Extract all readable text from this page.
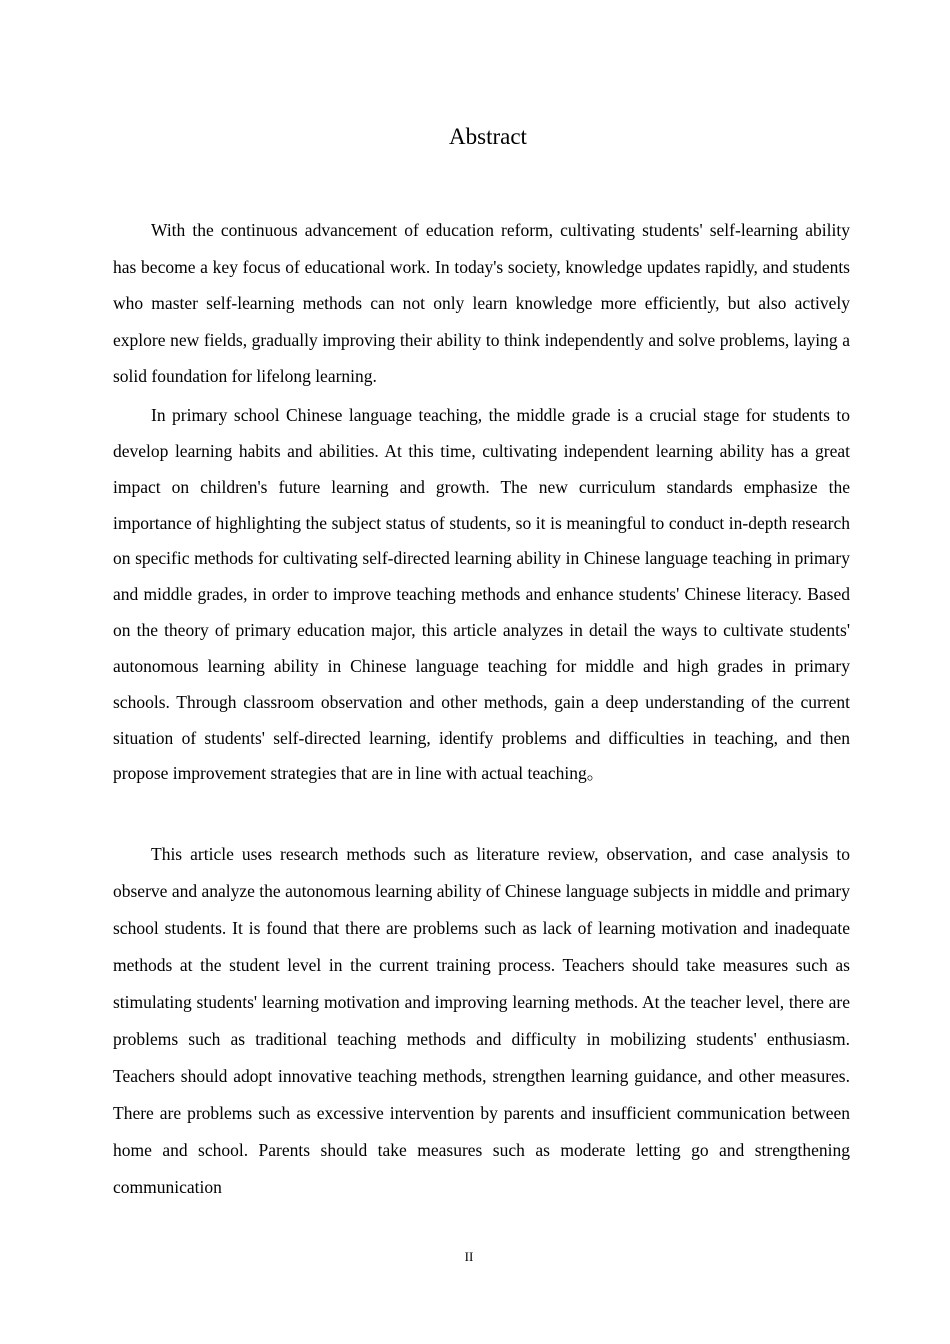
Abstract

With the continuous advancement of education reform, cultivating students' self-learning ability has become a key focus of educational work. In today's society, knowledge updates rapidly, and students who master self-learning methods can not only learn knowledge more efficiently, but also actively explore new fields, gradually improving their ability to think independently and solve problems, laying a solid foundation for lifelong learning.

In primary school Chinese language teaching, the middle grade is a crucial stage for students to develop learning habits and abilities. At this time, cultivating independent learning ability has a great impact on children's future learning and growth. The new curriculum standards emphasize the importance of highlighting the subject status of students, so it is meaningful to conduct in-depth research on specific methods for cultivating self-directed learning ability in Chinese language teaching in primary and middle grades, in order to improve teaching methods and enhance students' Chinese literacy. Based on the theory of primary education major, this article analyzes in detail the ways to cultivate students' autonomous learning ability in Chinese language teaching for middle and high grades in primary schools. Through classroom observation and other methods, gain a deep understanding of the current situation of students' self-directed learning, identify problems and difficulties in teaching, and then propose improvement strategies that are in line with actual teaching。

This article uses research methods such as literature review, observation, and case analysis to observe and analyze the autonomous learning ability of Chinese language subjects in middle and primary school students. It is found that there are problems such as lack of learning motivation and inadequate methods at the student level in the current training process. Teachers should take measures such as stimulating students' learning motivation and improving learning methods. At the teacher level, there are problems such as traditional teaching methods and difficulty in mobilizing students' enthusiasm. Teachers should adopt innovative teaching methods, strengthen learning guidance, and other measures. There are problems such as excessive intervention by parents and insufficient communication between home and school. Parents should take measures such as moderate letting go and strengthening communication

II
